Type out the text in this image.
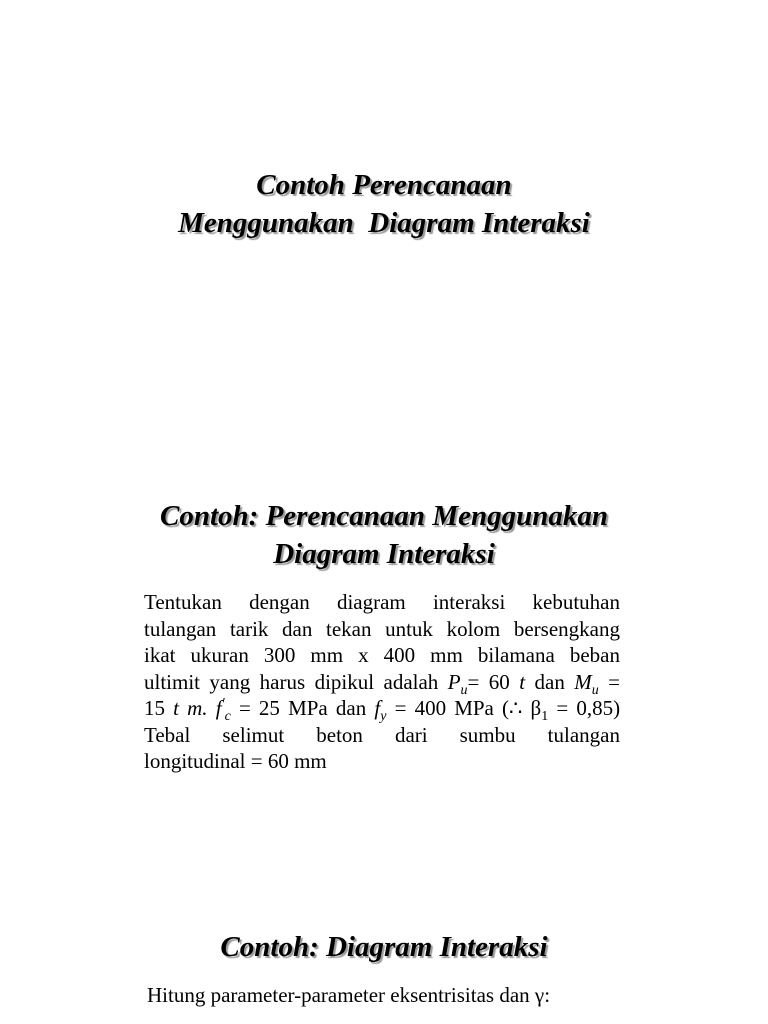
Contoh Perencanaan
Menggunakan  Diagram Interaksi
Contoh: Perencanaan Menggunakan
Diagram Interaksi
Tentukan dengan diagram interaksi kebutuhan
tulangan tarik dan tekan untuk kolom bersengkang
ikat ukuran 300 mm x 400 mm bilamana beban
ultimit yang harus dipikul adalah $P_u= 60$ t dan $M_u$ =
15 t m. $f'_c = 25$ MPa dan $f_y = 400$ MPa (∴ $\beta_1 = 0,85$)
Tebal selimut beton dari sumbu tulangan
longitudinal = 60 mm
Contoh: Diagram Interaksi
Hitung parameter-parameter eksentrisitas dan γ:
